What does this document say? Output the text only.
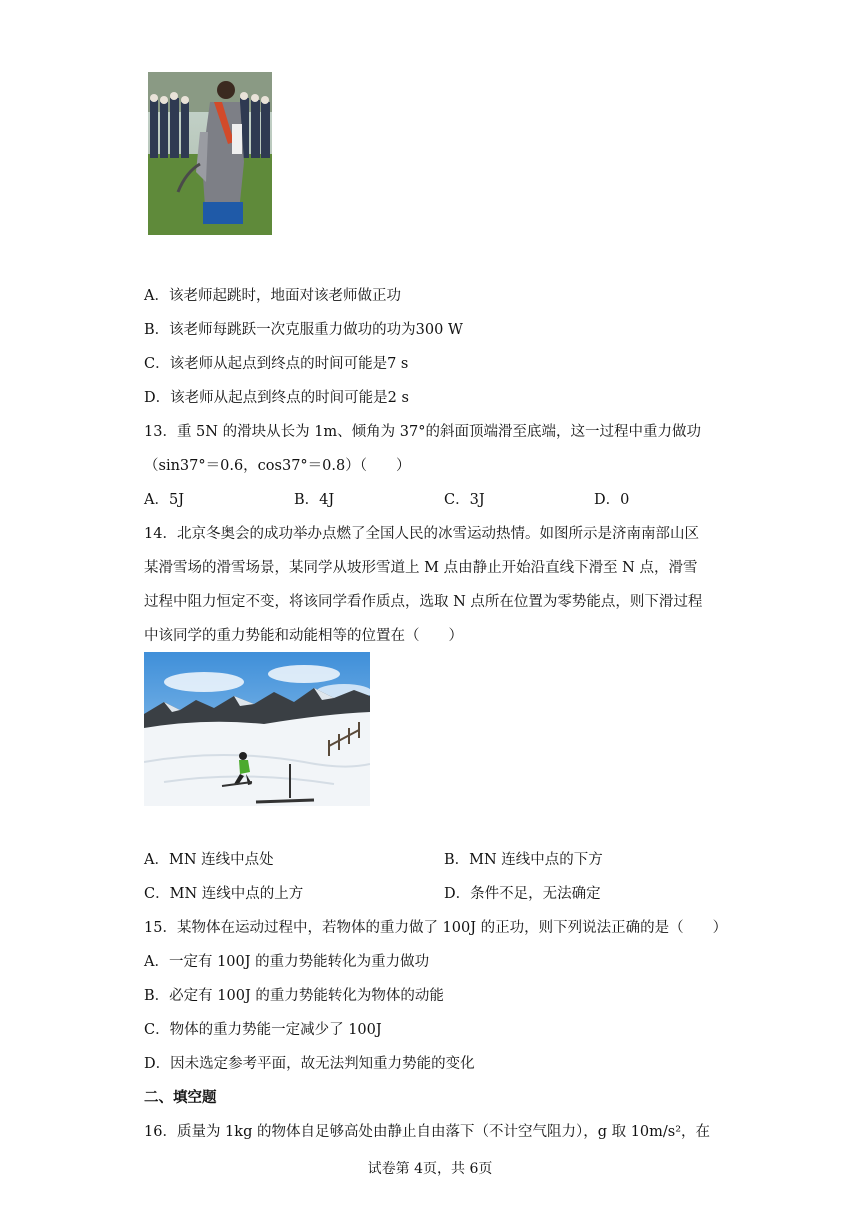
A．该老师起跳时，地面对该老师做正功
B．该老师每跳跃一次克服重力做功的功为300 W
C．该老师从起点到终点的时间可能是7 s
D．该老师从起点到终点的时间可能是2 s
13．重 5N 的滑块从长为 1m、倾角为 37°的斜面顶端滑至底端，这一过程中重力做功
（sin37°＝0.6，cos37°＝0.8）（　　）
A．5J	B．4J	C．3J	D．0
14．北京冬奥会的成功举办点燃了全国人民的冰雪运动热情。如图所示是济南南部山区
某滑雪场的滑雪场景，某同学从坡形雪道上 M 点由静止开始沿直线下滑至 N 点，滑雪
过程中阻力恒定不变，将该同学看作质点，选取 N 点所在位置为零势能点，则下滑过程
中该同学的重力势能和动能相等的位置在（　　）
A．MN 连线中点处	B．MN 连线中点的下方
C．MN 连线中点的上方	D．条件不足，无法确定
15．某物体在运动过程中，若物体的重力做了 100J 的正功，则下列说法正确的是（　　）
A．一定有 100J 的重力势能转化为重力做功
B．必定有 100J 的重力势能转化为物体的动能
C．物体的重力势能一定减少了 100J
D．因未选定参考平面，故无法判知重力势能的变化
二、填空题
16．质量为 1kg 的物体自足够高处由静止自由落下（不计空气阻力），g 取 10m/s²，在
试卷第 4页，共 6页
